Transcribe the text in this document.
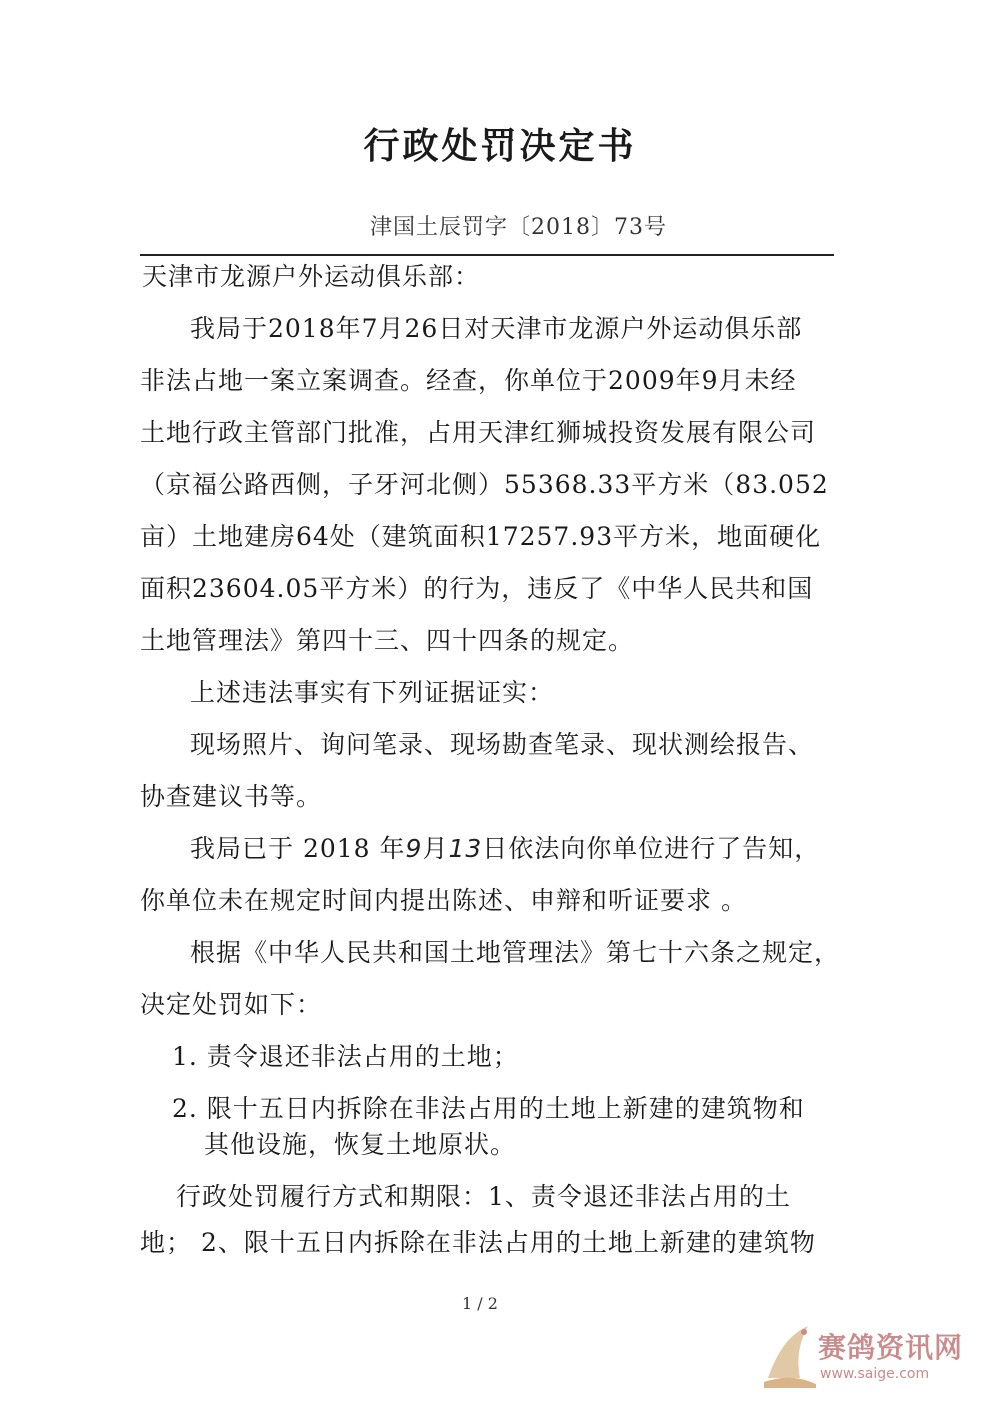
行政处罚决定书
津国土辰罚字〔2018〕73号
天津市龙源户外运动俱乐部：
我局于2018年7月26日对天津市龙源户外运动俱乐部
非法占地一案立案调查。经查，你单位于2009年9月未经
土地行政主管部门批准，占用天津红狮城投资发展有限公司
（京福公路西侧，子牙河北侧）55368.33平方米（83.052
亩）土地建房64处（建筑面积17257.93平方米，地面硬化
面积23604.05平方米）的行为，违反了《中华人民共和国
土地管理法》第四十三、四十四条的规定。
上述违法事实有下列证据证实：
现场照片、询问笔录、现场勘查笔录、现状测绘报告、
协查建议书等。
我局已于 2018 年9月13日依法向你单位进行了告知，
你单位未在规定时间内提出陈述、申辩和听证要求 。
根据《中华人民共和国土地管理法》第七十六条之规定，
决定处罚如下：
1. 责令退还非法占用的土地；
2. 限十五日内拆除在非法占用的土地上新建的建筑物和
其他设施，恢复土地原状。
行政处罚履行方式和期限：1、责令退还非法占用的土
地； 2、限十五日内拆除在非法占用的土地上新建的建筑物
1 / 2
赛鸽资讯网
www.saige.com
